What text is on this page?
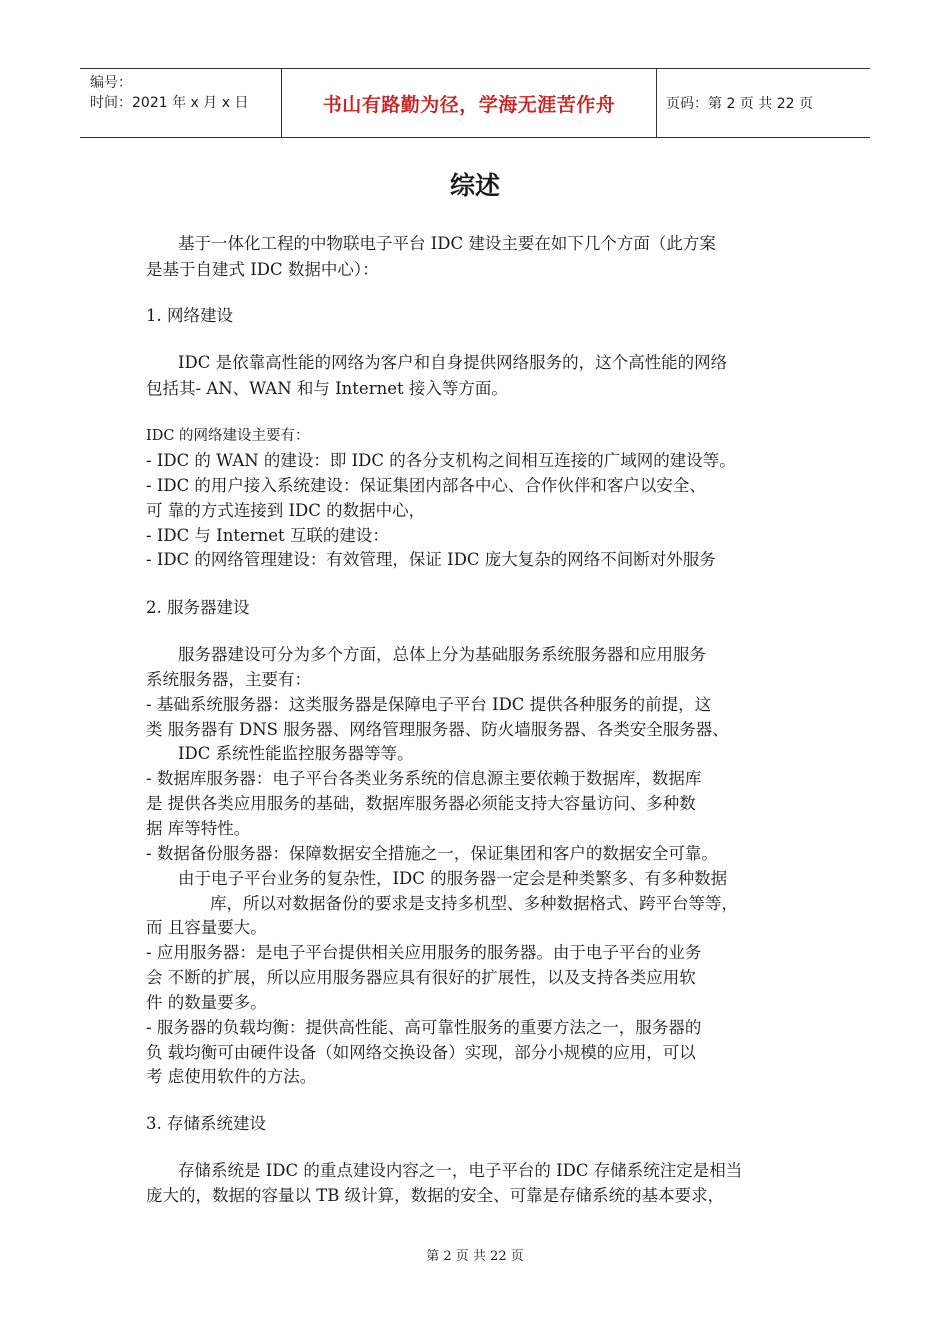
编号：
时间：2021 年 x 月 x 日	书山有路勤为径，学海无涯苦作舟	页码：第 2 页 共 22 页
综述
基于一体化工程的中物联电子平台 IDC 建设主要在如下几个方面（此方案
是基于自建式 IDC 数据中心）：
1. 网络建设
IDC 是依靠高性能的网络为客户和自身提供网络服务的，这个高性能的网络
包括其- AN、WAN 和与 Internet 接入等方面。
IDC 的网络建设主要有：
- IDC 的 WAN 的建设：即 IDC 的各分支机构之间相互连接的广域网的建设等。
- IDC 的用户接入系统建设：保证集团内部各中心、合作伙伴和客户以安全、
可 靠的方式连接到 IDC 的数据中心，
- IDC 与 Internet 互联的建设：
- IDC 的网络管理建设：有效管理，保证 IDC 庞大复杂的网络不间断对外服务
2. 服务器建设
服务器建设可分为多个方面，总体上分为基础服务系统服务器和应用服务
系统服务器，主要有：
- 基础系统服务器：这类服务器是保障电子平台 IDC 提供各种服务的前提，这
类 服务器有 DNS 服务器、网络管理服务器、防火墙服务器、各类安全服务器、
IDC 系统性能监控服务器等等。
- 数据库服务器：电子平台各类业务系统的信息源主要依赖于数据库，数据库
是 提供各类应用服务的基础，数据库服务器必须能支持大容量访问、多种数
据 库等特性。
- 数据备份服务器：保障数据安全措施之一，保证集团和客户的数据安全可靠。
由于电子平台业务的复杂性，IDC 的服务器一定会是种类繁多、有多种数据
库，所以对数据备份的要求是支持多机型、多种数据格式、跨平台等等，
而 且容量要大。
- 应用服务器：是电子平台提供相关应用服务的服务器。由于电子平台的业务
会 不断的扩展，所以应用服务器应具有很好的扩展性，以及支持各类应用软
件 的数量要多。
- 服务器的负载均衡：提供高性能、高可靠性服务的重要方法之一，服务器的
负 载均衡可由硬件设备（如网络交换设备）实现，部分小规模的应用，可以
考 虑使用软件的方法。
3. 存储系统建设
存储系统是 IDC 的重点建设内容之一，电子平台的 IDC 存储系统注定是相当
庞大的，数据的容量以 TB 级计算，数据的安全、可靠是存储系统的基本要求，
第 2 页 共 22 页
